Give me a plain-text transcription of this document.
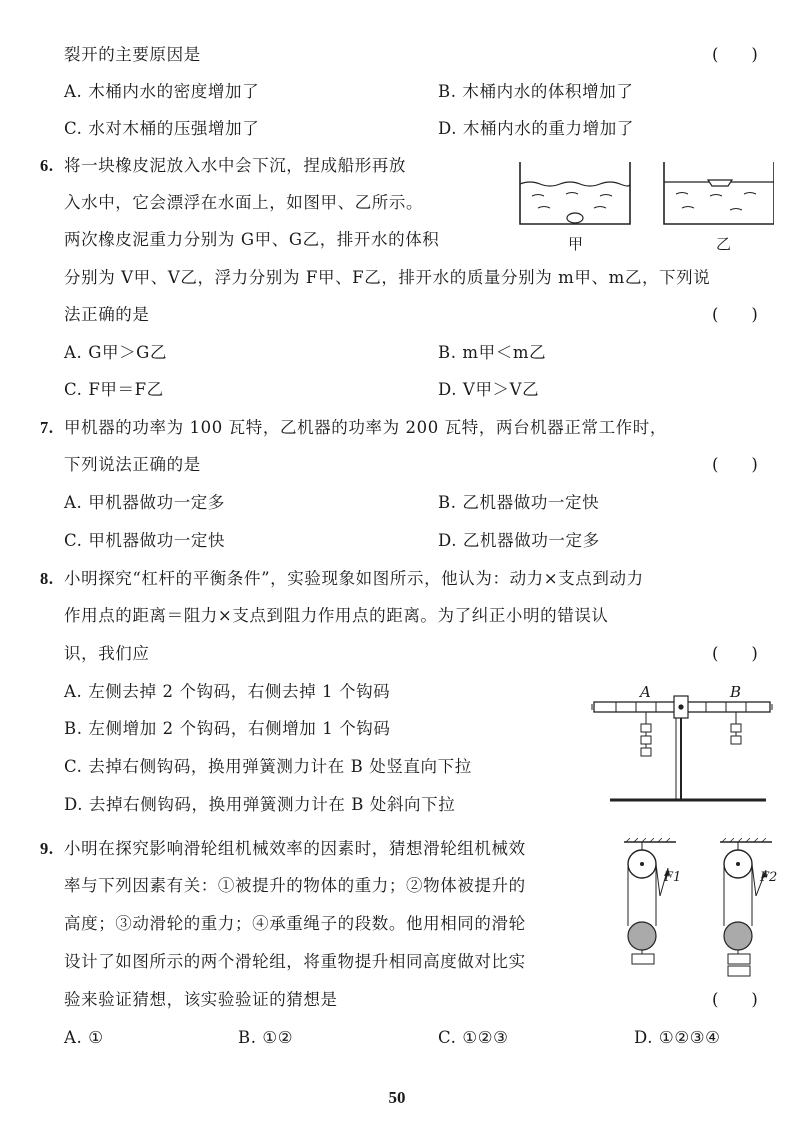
裂开的主要原因是	(　　)
A. 木桶内水的密度增加了	B. 木桶内水的体积增加了
C. 水对木桶的压强增加了	D. 木桶内水的重力增加了
6. 将一块橡皮泥放入水中会下沉，捏成船形再放
入水中，它会漂浮在水面上，如图甲、乙所示。
两次橡皮泥重力分别为 G甲、G乙，排开水的体积
分别为 V甲、V乙，浮力分别为 F甲、F乙，排开水的质量分别为 m甲、m乙，下列说
法正确的是	(　　)
甲	乙
A. G甲＞G乙	B. m甲＜m乙
C. F甲＝F乙	D. V甲＞V乙
7. 甲机器的功率为 100 瓦特，乙机器的功率为 200 瓦特，两台机器正常工作时，
下列说法正确的是	(　　)
A. 甲机器做功一定多	B. 乙机器做功一定快
C. 甲机器做功一定快	D. 乙机器做功一定多
8. 小明探究“杠杆的平衡条件”，实验现象如图所示，他认为：动力×支点到动力
作用点的距离＝阻力×支点到阻力作用点的距离。为了纠正小明的错误认
识，我们应	(　　)
A. 左侧去掉 2 个钩码，右侧去掉 1 个钩码
B. 左侧增加 2 个钩码，右侧增加 1 个钩码
C. 去掉右侧钩码，换用弹簧测力计在 B 处竖直向下拉
D. 去掉右侧钩码，换用弹簧测力计在 B 处斜向下拉
A	B
9. 小明在探究影响滑轮组机械效率的因素时，猜想滑轮组机械效
率与下列因素有关：①被提升的物体的重力；②物体被提升的
高度；③动滑轮的重力；④承重绳子的段数。他用相同的滑轮
设计了如图所示的两个滑轮组，将重物提升相同高度做对比实
验来验证猜想，该实验验证的猜想是	(　　)
F1	F2
A. ①	B. ①②	C. ①②③	D. ①②③④
50
